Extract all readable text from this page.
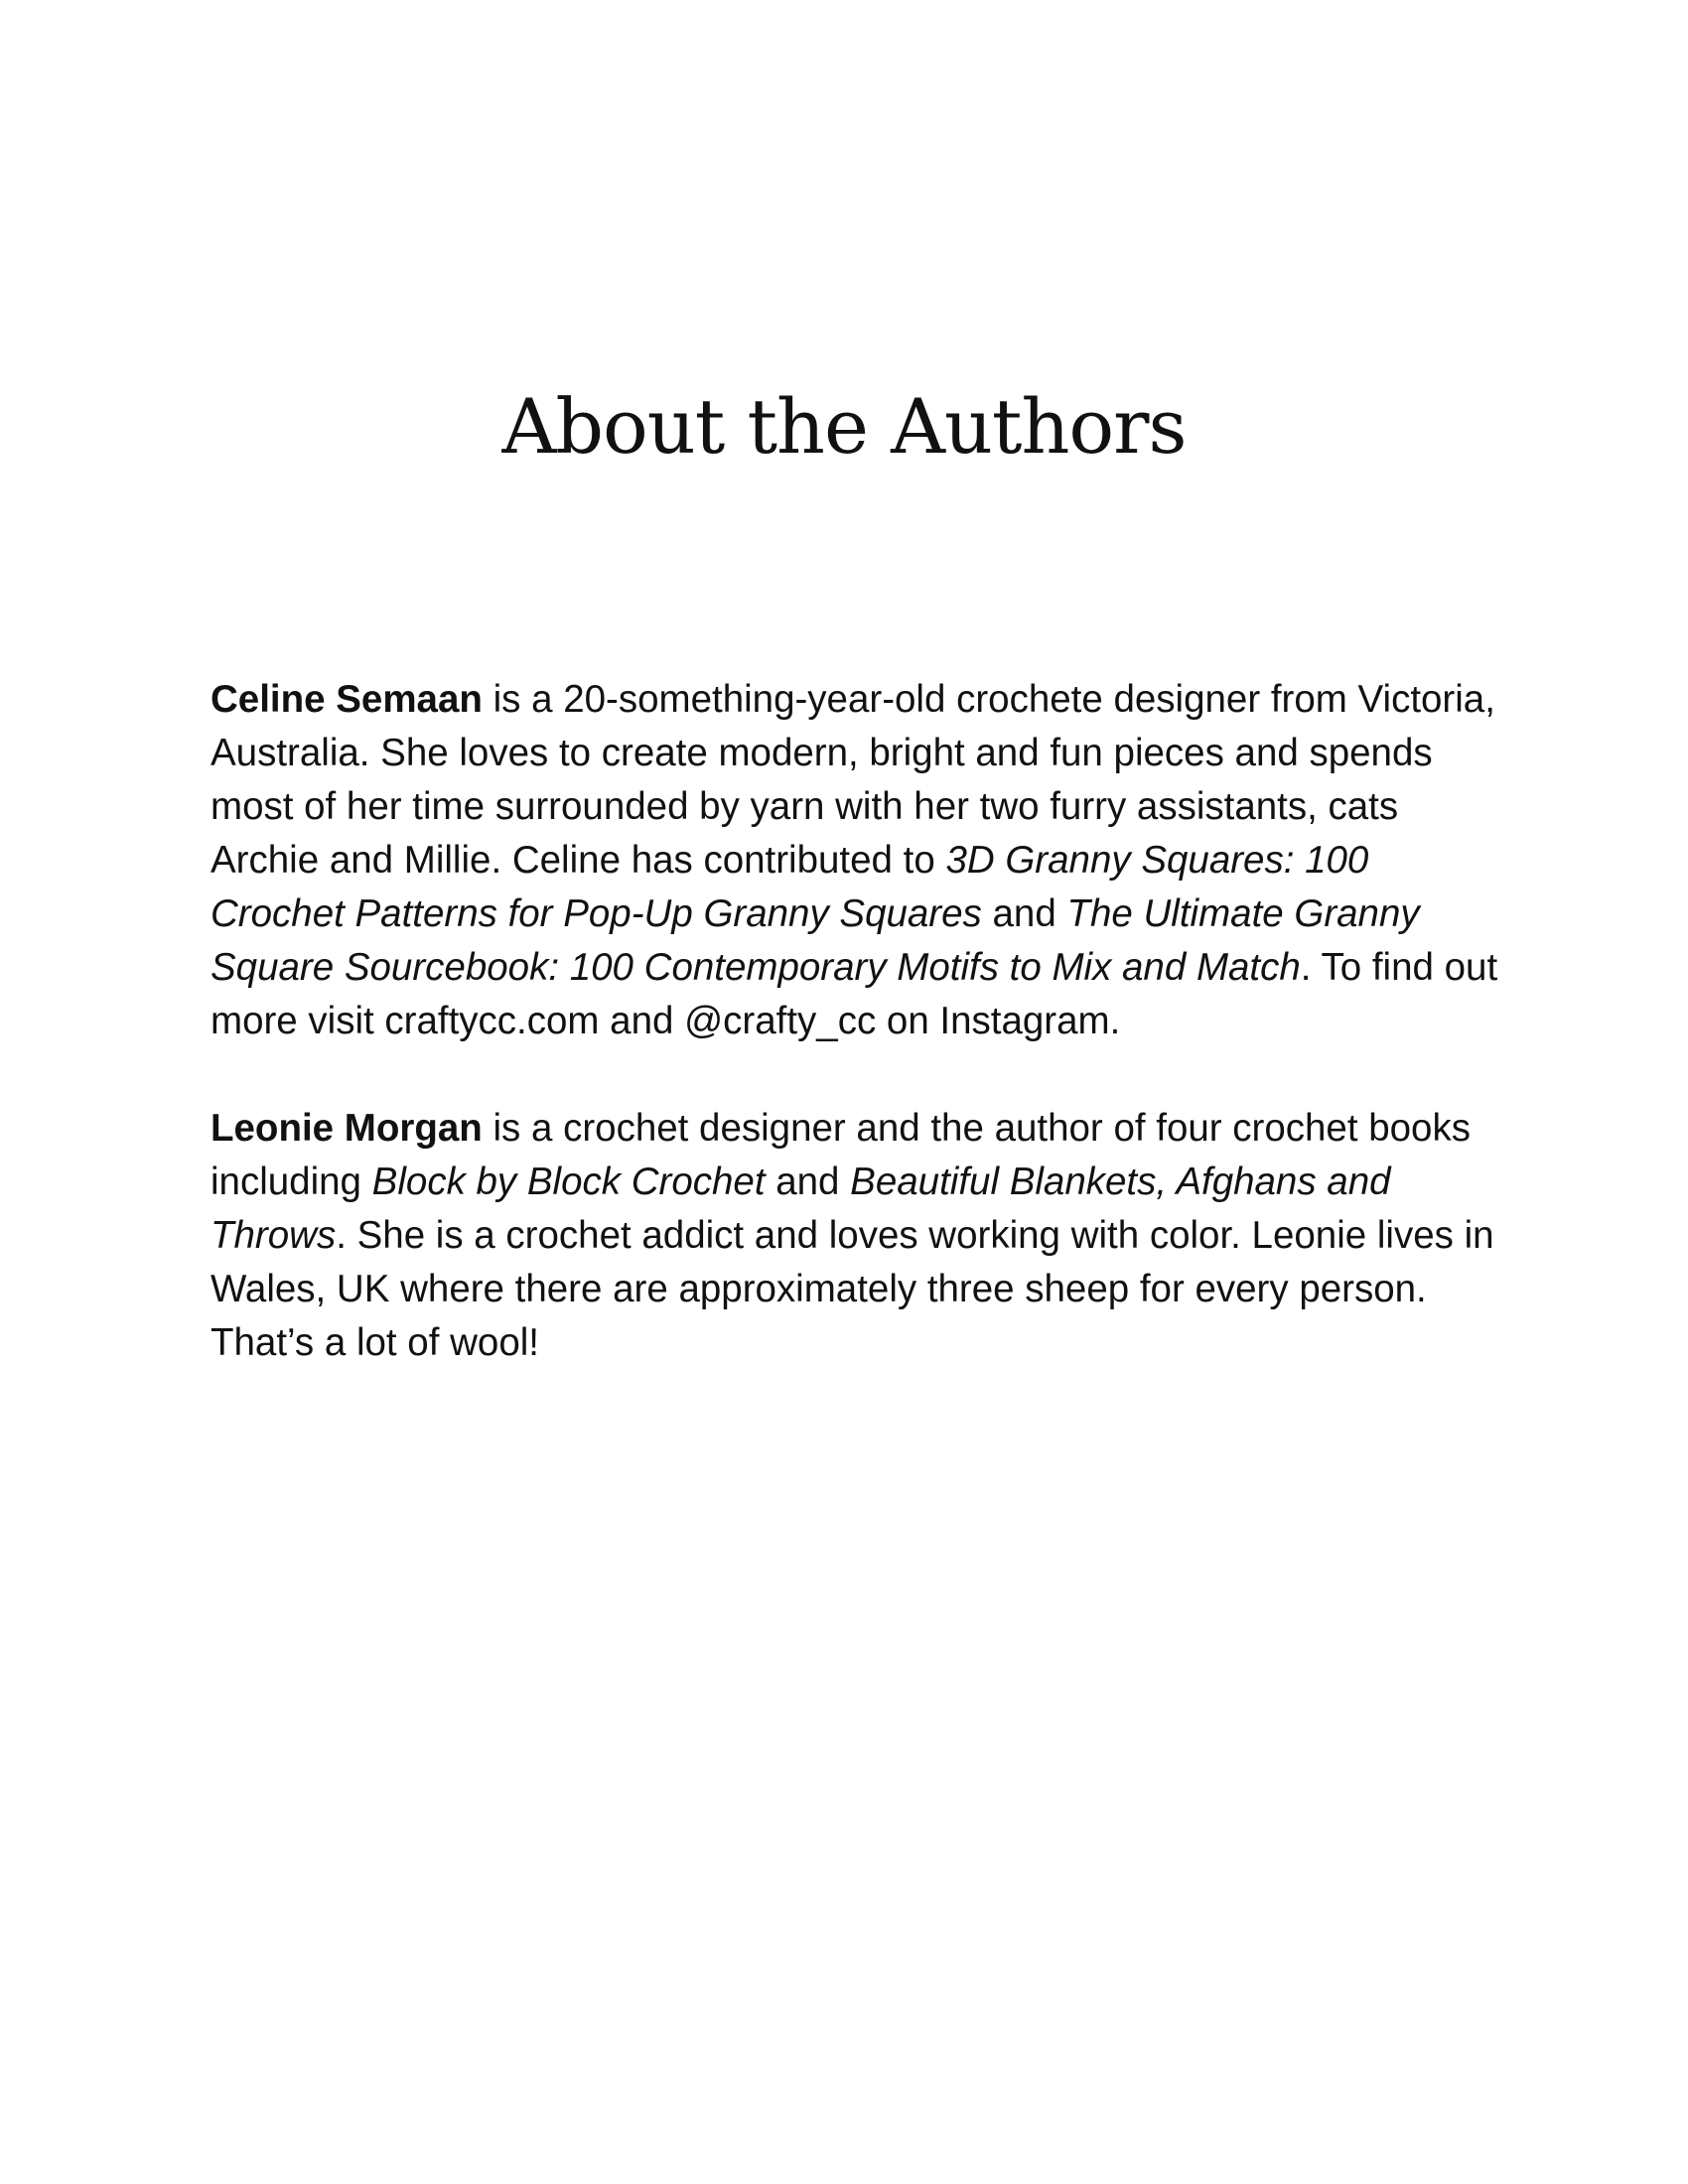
About the Authors

Celine Semaan is a 20-something-year-old crochete designer from Victoria, Australia. She loves to create modern, bright and fun pieces and spends most of her time surrounded by yarn with her two furry assistants, cats Archie and Millie. Celine has contributed to 3D Granny Squares: 100 Crochet Patterns for Pop-Up Granny Squares and The Ultimate Granny Square Sourcebook: 100 Contemporary Motifs to Mix and Match. To find out more visit craftycc.com and @crafty_cc on Instagram.

Leonie Morgan is a crochet designer and the author of four crochet books including Block by Block Crochet and Beautiful Blankets, Afghans and Throws. She is a crochet addict and loves working with color. Leonie lives in Wales, UK where there are approximately three sheep for every person. That’s a lot of wool!
